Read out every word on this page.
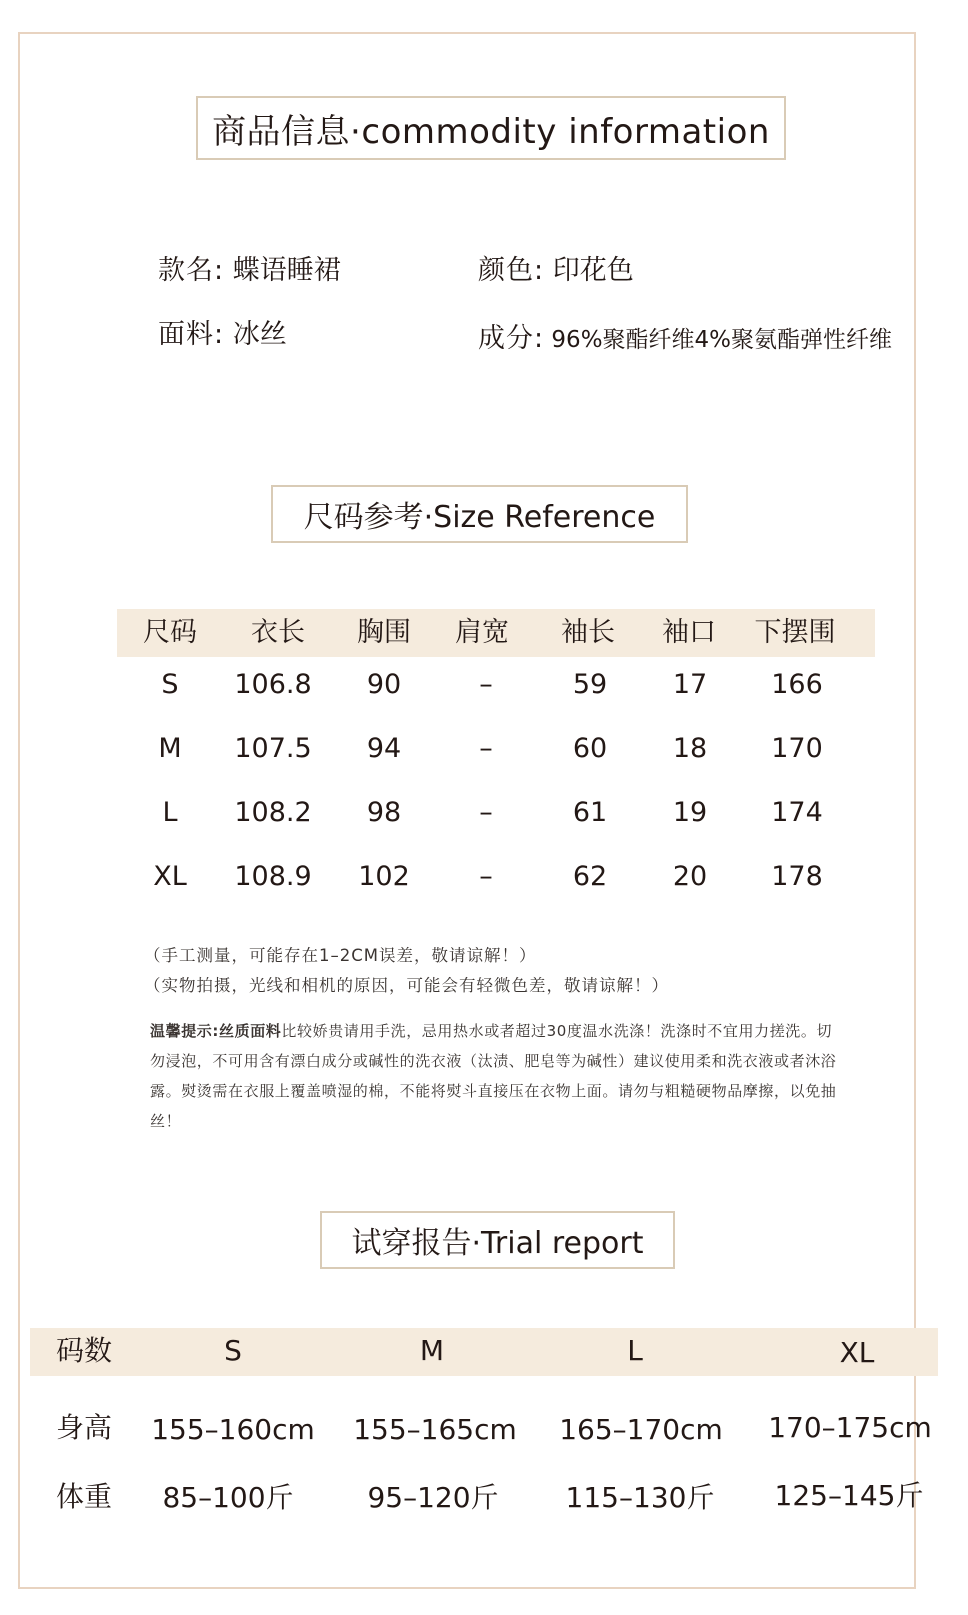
商品信息·commodity information
款名: 蝶语睡裙	颜色: 印花色
面料: 冰丝	成分: 96%聚酯纤维4%聚氨酯弹性纤维
尺码参考·Size Reference
尺码 衣长 胸围 肩宽 袖长 袖口 下摆围
S 106.8 90	–	59 17 166
M 107.5 94	–	60 18 170
L 108.2 98	–	61 19 174
XL 108.9 102	–	62 20 178
（手工测量，可能存在1–2CM误差，敬请谅解！）
（实物拍摄，光线和相机的原因，可能会有轻微色差，敬请谅解！）
温馨提示:丝质面料比较娇贵请用手洗，忌用热水或者超过30度温水洗涤！洗涤时不宜用力搓洗。切勿浸泡，不可用含有漂白成分或碱性的洗衣液（汰渍、肥皂等为碱性）建议使用柔和洗衣液或者沐浴露。熨烫需在衣服上覆盖喷湿的棉，不能将熨斗直接压在衣物上面。请勿与粗糙硬物品摩擦，以免抽丝！
试穿报告·Trial report
码数	S	M	L	XL
身高 155–160cm 155–165cm 165–170cm 170–175cm
体重 85–100斤	95–120斤 115–130斤 125–145斤
